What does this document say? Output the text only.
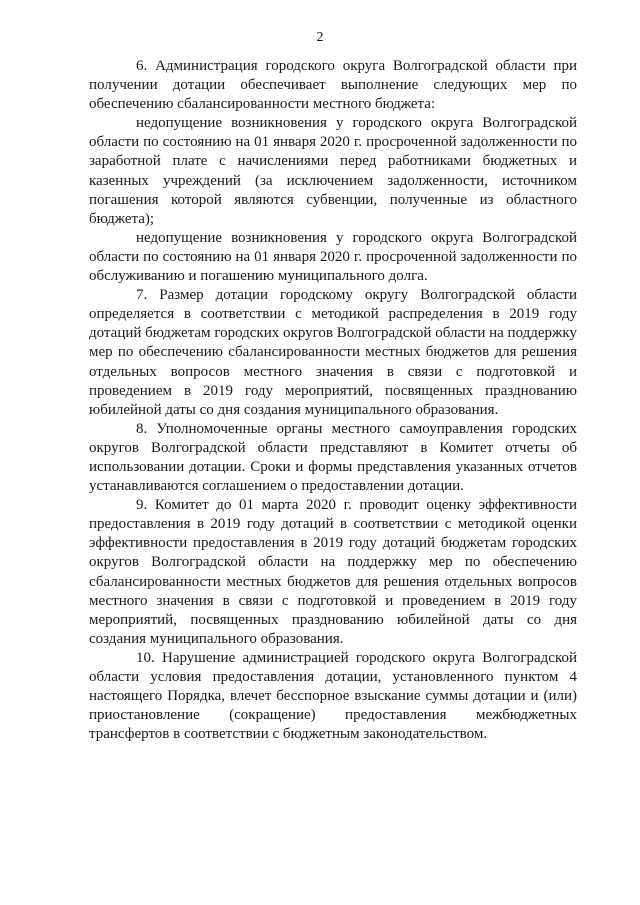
2

6. Администрация городского округа Волгоградской области при получении дотации обеспечивает выполнение следующих мер по обеспечению сбалансированности местного бюджета:

недопущение возникновения у городского округа Волгоградской области по состоянию на 01 января 2020 г. просроченной задолженности по заработной плате с начислениями перед работниками бюджетных и казенных учреждений (за исключением задолженности, источником погашения которой являются субвенции, полученные из областного бюджета);

недопущение возникновения у городского округа Волгоградской области по состоянию на 01 января 2020 г. просроченной задолженности по обслуживанию и погашению муниципального долга.

7. Размер дотации городскому округу Волгоградской области определяется в соответствии с методикой распределения в 2019 году дотаций бюджетам городских округов Волгоградской области на поддержку мер по обеспечению сбалансированности местных бюджетов для решения отдельных вопросов местного значения в связи с подготовкой и проведением в 2019 году мероприятий, посвященных празднованию юбилейной даты со дня создания муниципального образования.

8. Уполномоченные органы местного самоуправления городских округов Волгоградской области представляют в Комитет отчеты об использовании дотации. Сроки и формы представления указанных отчетов устанавливаются соглашением о предоставлении дотации.

9. Комитет до 01 марта 2020 г. проводит оценку эффективности предоставления в 2019 году дотаций в соответствии с методикой оценки эффективности предоставления в 2019 году дотаций бюджетам городских округов Волгоградской области на поддержку мер по обеспечению сбалансированности местных бюджетов для решения отдельных вопросов местного значения в связи с подготовкой и проведением в 2019 году мероприятий, посвященных празднованию юбилейной даты со дня создания муниципального образования.

10. Нарушение администрацией городского округа Волгоградской области условия предоставления дотации, установленного пунктом 4 настоящего Порядка, влечет бесспорное взыскание суммы дотации и (или) приостановление (сокращение) предоставления межбюджетных трансфертов в соответствии с бюджетным законодательством.
